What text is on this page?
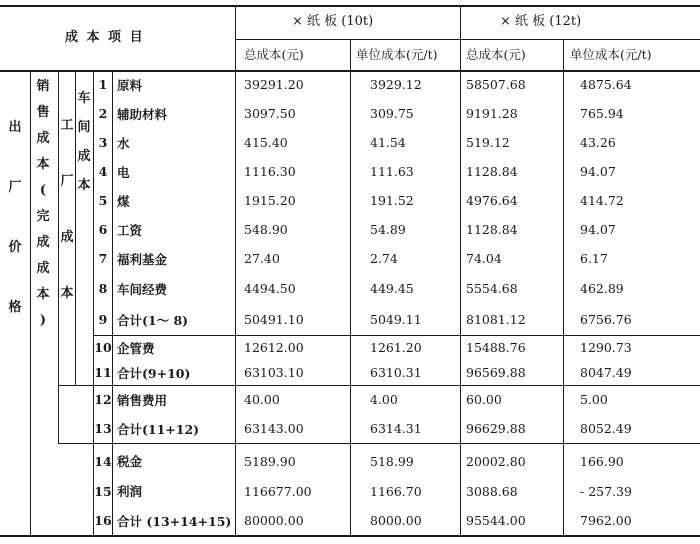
成 本 项 目
× 纸 板 (10t)	× 纸 板 (12t)
总成本(元)	单位成本(元/t) 总成本(元)	单位成本(元/t)
出
厂
价
格
销
售
成
本
(
完
成
成
本
)
工
厂
成
本
车
间
成
本
1 原料	39291.20	3929.12	58507.68	4875.64
2 辅助材料	3097.50	309.75	9191.28	765.94
3 水	415.40	41.54	519.12	43.26
4 电	1116.30	111.63	1128.84	94.07
5 煤	1915.20	191.52	4976.64	414.72
6 工资	548.90	54.89	1128.84	94.07
7 福利基金	27.40	2.74	74.04	6.17
8 车间经费	4494.50	449.45	5554.68	462.89
9 合计(1～ 8)	50491.10	5049.11	81081.12	6756.76
10 企管费	12612.00	1261.20	15488.76	1290.73
11 合计(9+10)	63103.10	6310.31	96569.88	8047.49
12 销售费用	40.00	4.00	60.00	5.00
13 合计(11+12)	63143.00	6314.31	96629.88	8052.49
14 税金	5189.90	518.99	20002.80	166.90
15 利润	116677.00	1166.70	3088.68	- 257.39
16 合计 (13+14+15) 80000.00	8000.00	95544.00	7962.00
